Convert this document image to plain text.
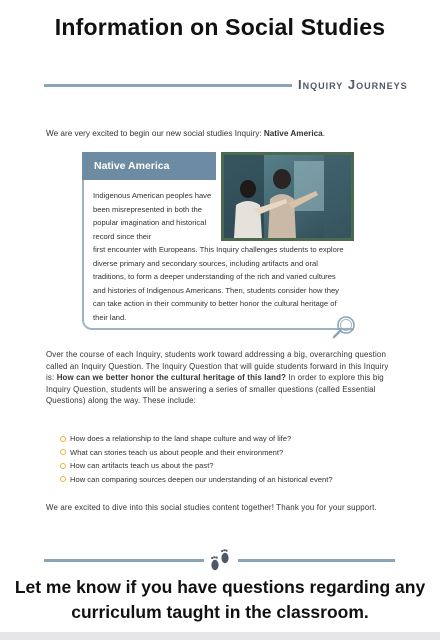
Information on Social Studies
Inquiry Journeys

We are very excited to begin our new social studies Inquiry: Native America.

Native America

Indigenous American peoples have been misrepresented in both the popular imagination and historical record since their

first encounter with Europeans. This Inquiry challenges students to explore diverse primary and secondary sources, including artifacts and oral traditions, to form a deeper understanding of the rich and varied cultures and histories of Indigenous Americans. Then, students consider how they can take action in their community to better honor the cultural heritage of their land.

Over the course of each Inquiry, students work toward addressing a big, overarching question called an Inquiry Question. The Inquiry Question that will guide students forward in this Inquiry is: How can we better honor the cultural heritage of this land? In order to explore this big Inquiry Question, students will be answering a series of smaller questions (called Essential Questions) along the way. These include:

How does a relationship to the land shape culture and way of life?
What can stories teach us about people and their environment?
How can artifacts teach us about the past?
How can comparing sources deepen our understanding of an historical event?

We are excited to dive into this social studies content together! Thank you for your support.

Let me know if you have questions regarding any
curriculum taught in the classroom.
